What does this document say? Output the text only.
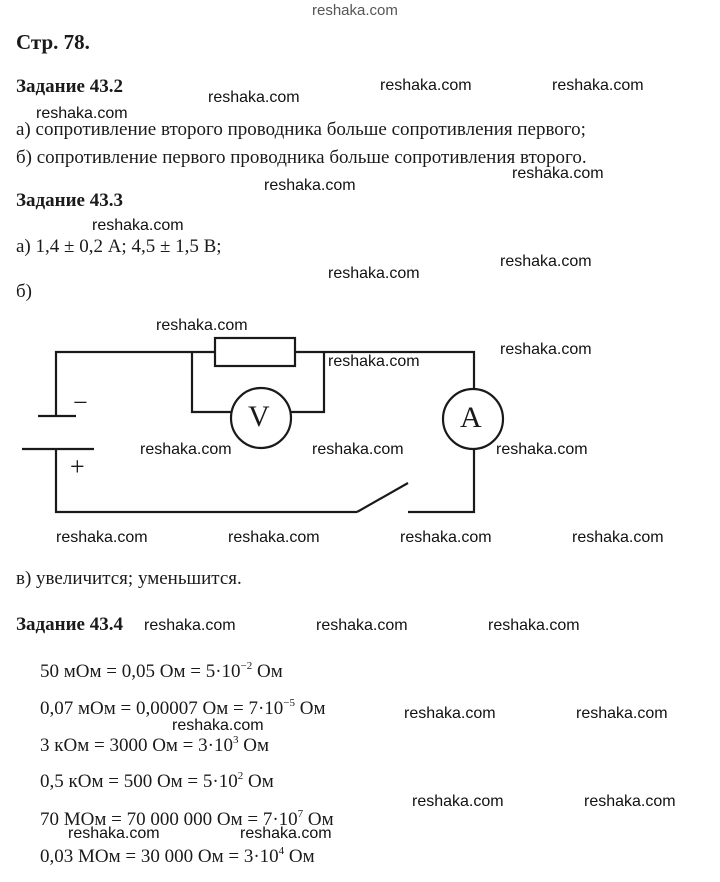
reshaka.com
Стр. 78.
Задание 43.2
а) сопротивление второго проводника больше сопротивления первого;
б) сопротивление первого проводника больше сопротивления второго.
Задание 43.3
а) 1,4 ± 0,2 А; 4,5 ± 1,5 В;
б)
−
+
V	A
в) увеличится; уменьшится.
Задание 43.4
50 мОм = 0,05 Ом = $5\cdot 10^{-2}$ Ом
0,07 мОм = 0,00007 Ом = $7\cdot 10^{-5}$ Ом
3 кОм = 3000 Ом = $3\cdot 10^3$ Ом
0,5 кОм = 500 Ом = $5\cdot 10^2$ Ом
70 МОм = 70 000 000 Ом = $7\cdot 10^7$ Ом
0,03 МОм = 30 000 Ом = $3\cdot 10^4$ Ом
reshaka.com	reshaka.com
reshaka.com
reshaka.com
reshaka.com
reshaka.com
reshaka.com
reshaka.com
reshaka.com
reshaka.com
reshaka.com
reshaka.com
reshaka.com	reshaka.com	reshaka.com
reshaka.com	reshaka.com	reshaka.com	reshaka.com
reshaka.com	reshaka.com	reshaka.com
reshaka.com	reshaka.com
reshaka.com
reshaka.com	reshaka.com
reshaka.com	reshaka.com
